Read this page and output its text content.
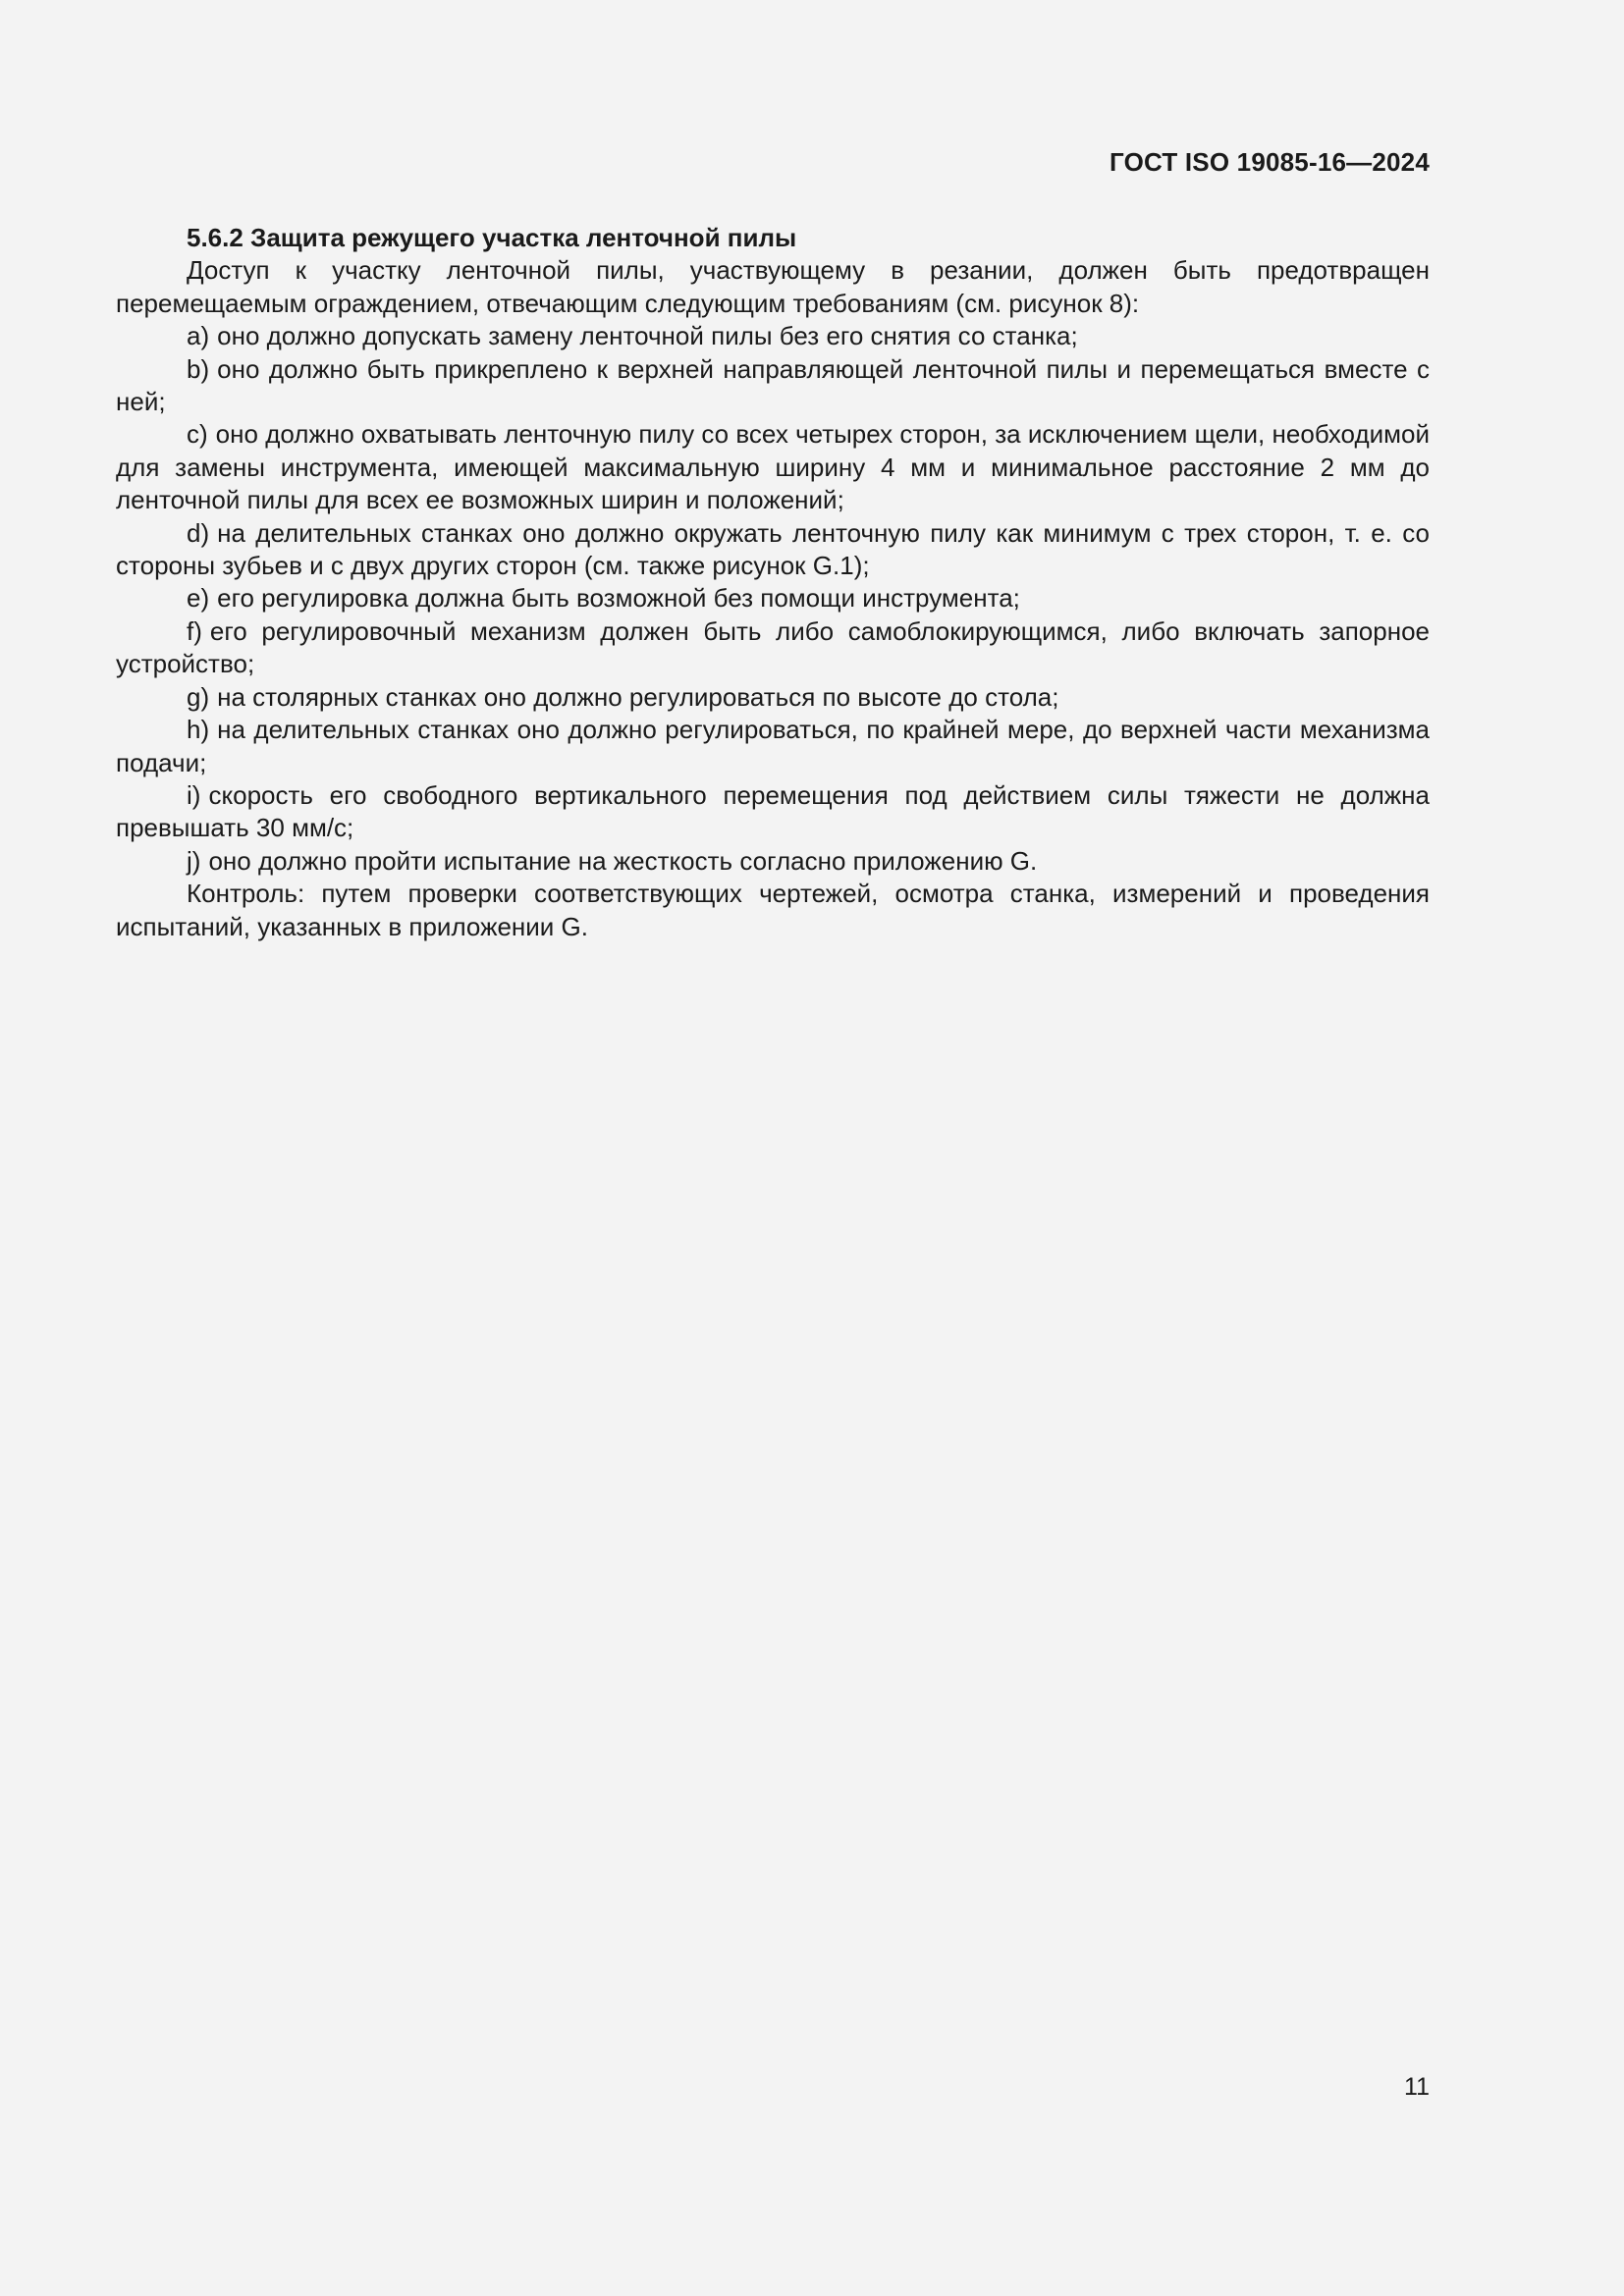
ГОСТ ISO 19085-16—2024

5.6.2 Защита режущего участка ленточной пилы

Доступ к участку ленточной пилы, участвующему в резании, должен быть предотвращен перемещаемым ограждением, отвечающим следующим требованиям (см. рисунок 8):

a) оно должно допускать замену ленточной пилы без его снятия со станка;

b) оно должно быть прикреплено к верхней направляющей ленточной пилы и перемещаться вместе с ней;

c) оно должно охватывать ленточную пилу со всех четырех сторон, за исключением щели, необходимой для замены инструмента, имеющей максимальную ширину 4 мм и минимальное расстояние 2 мм до ленточной пилы для всех ее возможных ширин и положений;

d) на делительных станках оно должно окружать ленточную пилу как минимум с трех сторон, т. е. со стороны зубьев и с двух других сторон (см. также рисунок G.1);

e) его регулировка должна быть возможной без помощи инструмента;

f) его регулировочный механизм должен быть либо самоблокирующимся, либо включать запорное устройство;

g) на столярных станках оно должно регулироваться по высоте до стола;

h) на делительных станках оно должно регулироваться, по крайней мере, до верхней части механизма подачи;

i) скорость его свободного вертикального перемещения под действием силы тяжести не должна превышать 30 мм/с;

j) оно должно пройти испытание на жесткость согласно приложению G.

Контроль: путем проверки соответствующих чертежей, осмотра станка, измерений и проведения испытаний, указанных в приложении G.

11
